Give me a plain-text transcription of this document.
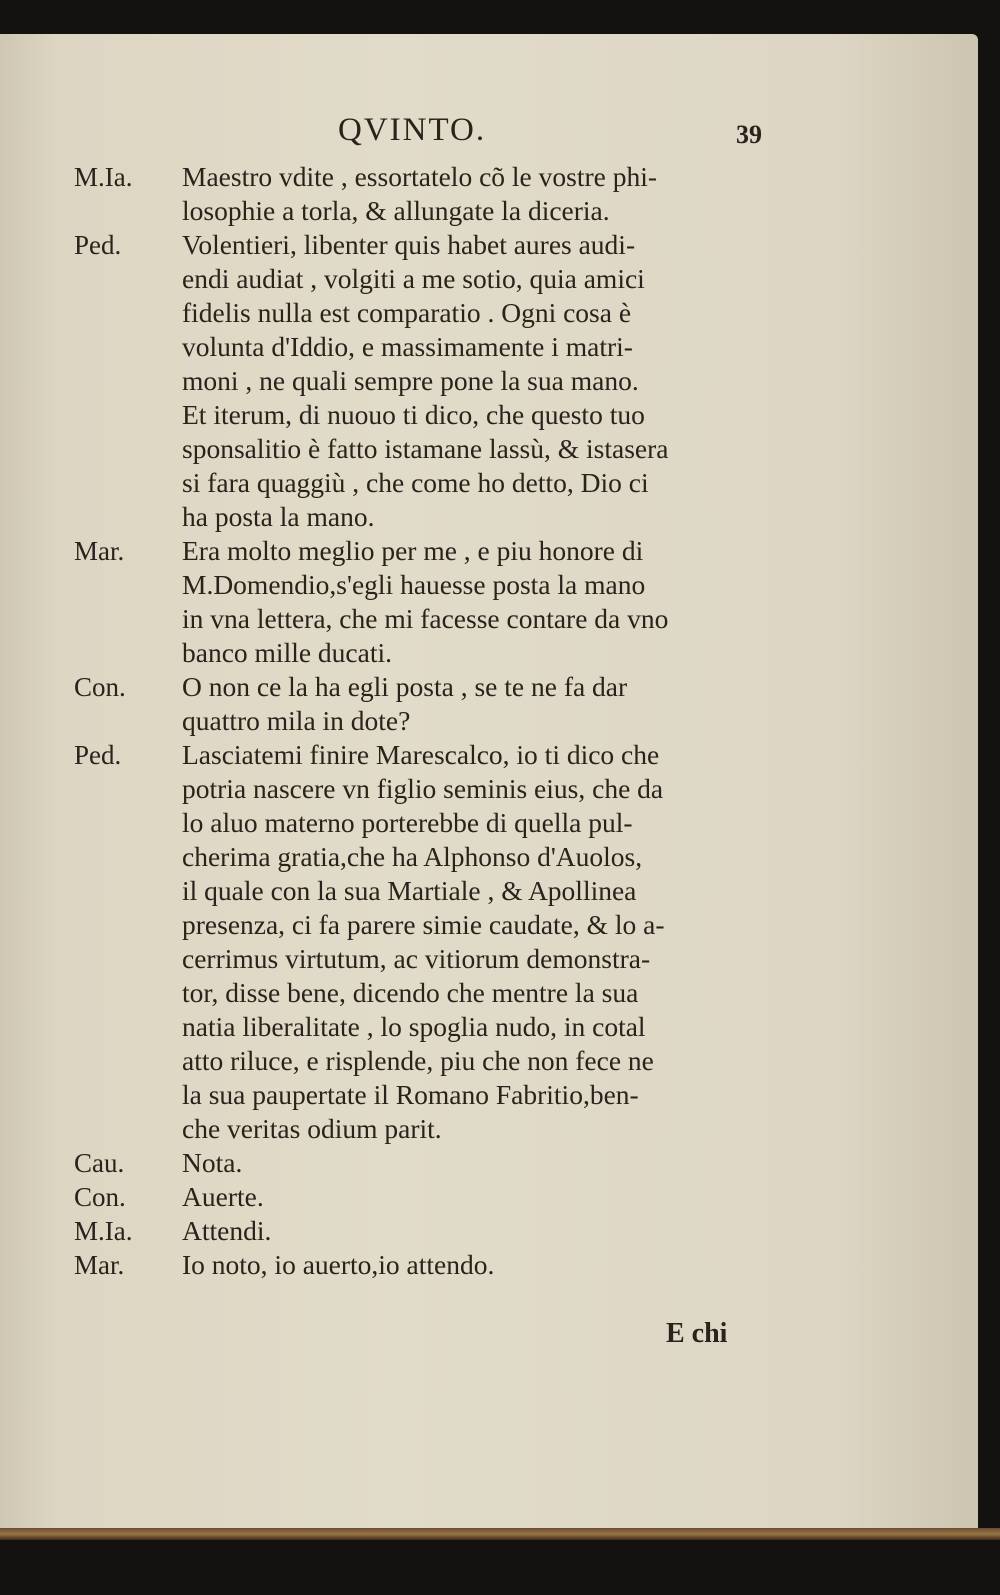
QVINTO.	39
M.Ia.	Maestro vdite , essortatelo cõ le vostre phi-
losophie a torla, & allungate la diceria.
Ped.	Volentieri, libenter quis habet aures audi-
endi audiat , volgiti a me sotio, quia amici
fidelis nulla est comparatio . Ogni cosa è
volunta d'Iddio, e massimamente i matri-
moni , ne quali sempre pone la sua mano.
Et iterum, di nuouo ti dico, che questo tuo
sponsalitio è fatto istamane lassù, & istasera
si fara quaggiù , che come ho detto, Dio ci
ha posta la mano.
Mar.	Era molto meglio per me , e piu honore di
M.Domendio,s'egli hauesse posta la mano
in vna lettera, che mi facesse contare da vno
banco mille ducati.
Con.	O non ce la ha egli posta , se te ne fa dar
quattro mila in dote?
Ped.	Lasciatemi finire Marescalco, io ti dico che
potria nascere vn figlio seminis eius, che da
lo aluo materno porterebbe di quella pul-
cherima gratia,che ha Alphonso d'Auolos,
il quale con la sua Martiale , & Apollinea
presenza, ci fa parere simie caudate, & lo a-
cerrimus virtutum, ac vitiorum demonstra-
tor, disse bene, dicendo che mentre la sua
natia liberalitate , lo spoglia nudo, in cotal
atto riluce, e risplende, piu che non fece ne
la sua paupertate il Romano Fabritio,ben-
che veritas odium parit.
Cau.	Nota.
Con.	Auerte.
M.Ia.	Attendi.
Mar.	Io noto, io auerto,io attendo.
E chi
